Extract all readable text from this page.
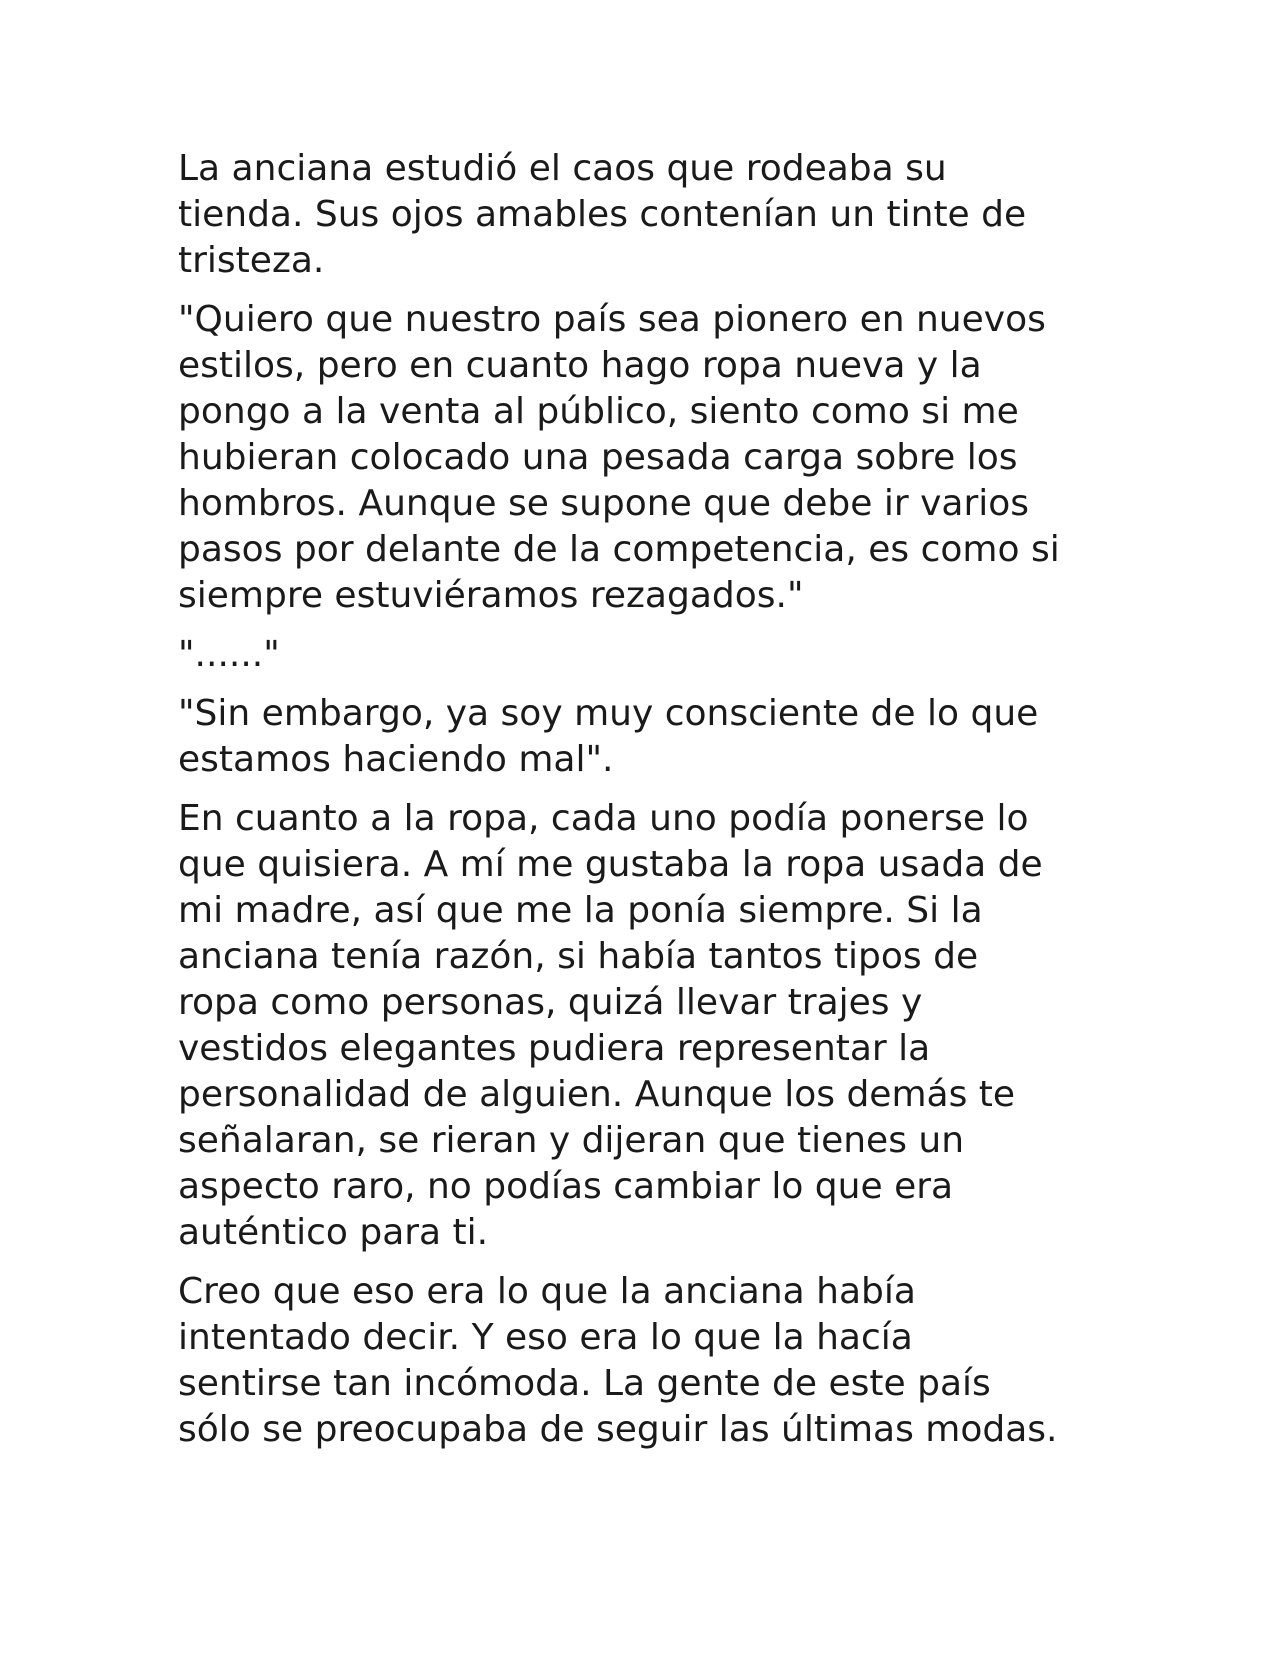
La anciana estudió el caos que rodeaba su
tienda. Sus ojos amables contenían un tinte de
tristeza.

"Quiero que nuestro país sea pionero en nuevos
estilos, pero en cuanto hago ropa nueva y la
pongo a la venta al público, siento como si me
hubieran colocado una pesada carga sobre los
hombros. Aunque se supone que debe ir varios
pasos por delante de la competencia, es como si
siempre estuviéramos rezagados."

"......"

"Sin embargo, ya soy muy consciente de lo que
estamos haciendo mal".

En cuanto a la ropa, cada uno podía ponerse lo
que quisiera. A mí me gustaba la ropa usada de
mi madre, así que me la ponía siempre. Si la
anciana tenía razón, si había tantos tipos de
ropa como personas, quizá llevar trajes y
vestidos elegantes pudiera representar la
personalidad de alguien. Aunque los demás te
señalaran, se rieran y dijeran que tienes un
aspecto raro, no podías cambiar lo que era
auténtico para ti.

Creo que eso era lo que la anciana había
intentado decir. Y eso era lo que la hacía
sentirse tan incómoda. La gente de este país
sólo se preocupaba de seguir las últimas modas.
